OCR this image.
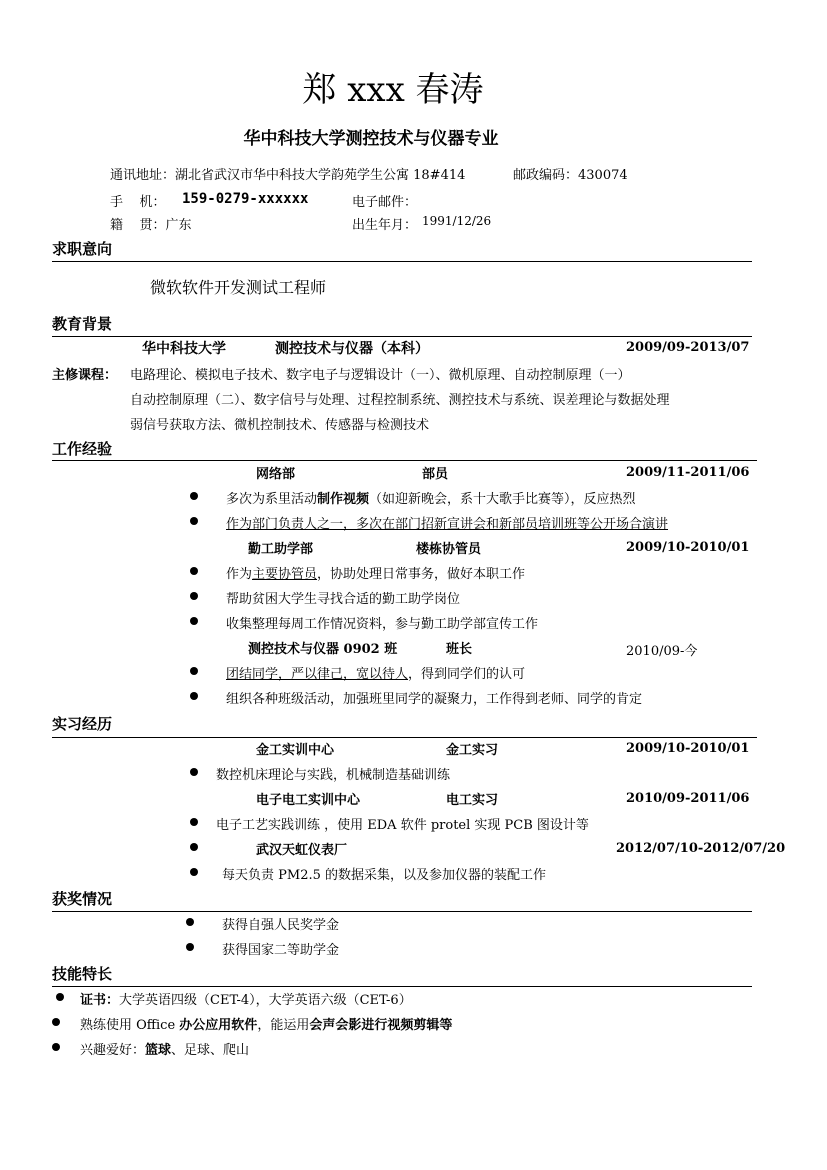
郑 xxx 春涛
华中科技大学测控技术与仪器专业
通讯地址：湖北省武汉市华中科技大学韵苑学生公寓 18#414	邮政编码：430074
手    机： 159-0279-xxxxxx	电子邮件：
籍    贯：广东	出生年月： 1991/12/26
求职意向
微软软件开发测试工程师
教育背景
华中科技大学	测控技术与仪器（本科）	2009/09-2013/07
主修课程： 电路理论、模拟电子技术、数字电子与逻辑设计（一）、微机原理、自动控制原理（一）
自动控制原理（二）、数字信号与处理、过程控制系统、测控技术与系统、误差理论与数据处理
弱信号获取方法、微机控制技术、传感器与检测技术
工作经验
网络部	部员	2009/11-2011/06
多次为系里活动制作视频（如迎新晚会，系十大歌手比赛等），反应热烈
作为部门负责人之一，多次在部门招新宣讲会和新部员培训班等公开场合演讲
勤工助学部	楼栋协管员	2009/10-2010/01
作为主要协管员，协助处理日常事务，做好本职工作
帮助贫困大学生寻找合适的勤工助学岗位
收集整理每周工作情况资料，参与勤工助学部宣传工作
测控技术与仪器 0902 班	班长	2010/09-今
团结同学，严以律己，宽以待人，得到同学们的认可
组织各种班级活动，加强班里同学的凝聚力，工作得到老师、同学的肯定
实习经历
金工实训中心	金工实习	2009/10-2010/01
数控机床理论与实践，机械制造基础训练
电子电工实训中心	电工实习	2010/09-2011/06
电子工艺实践训练 ，使用 EDA 软件 protel 实现 PCB 图设计等
武汉天虹仪表厂	2012/07/10-2012/07/20
每天负责 PM2.5 的数据采集，以及参加仪器的装配工作
获奖情况
获得自强人民奖学金
获得国家二等助学金
技能特长
证书：大学英语四级（CET-4），大学英语六级（CET-6）
熟练使用 Office 办公应用软件，能运用会声会影进行视频剪辑等
兴趣爱好：篮球、足球、爬山
